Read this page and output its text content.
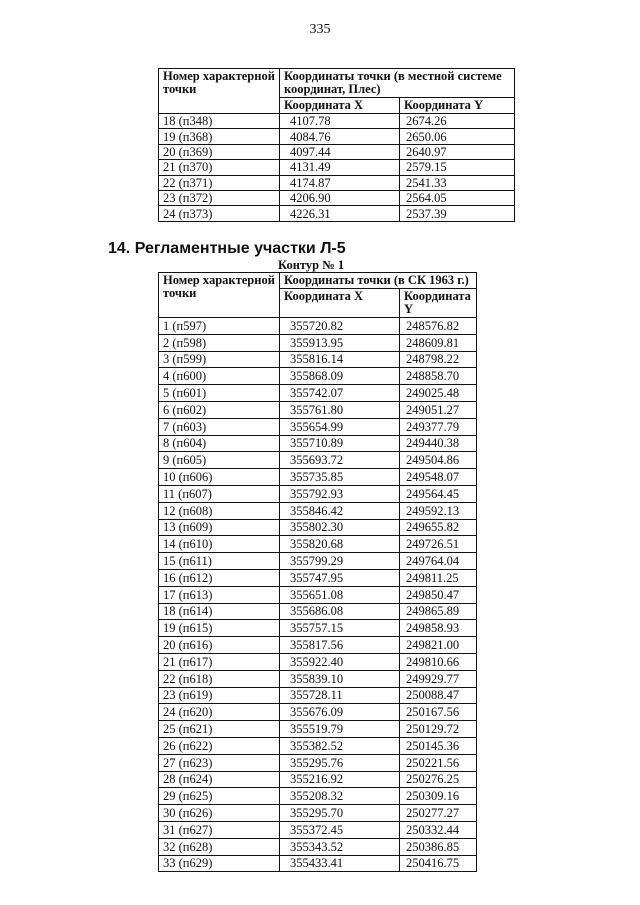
335
Номер характерной точки	Координаты точки (в местной системе координат, Плес)	
	Координата X	Координата Y
18 (п348)	4107.78	2674.26
19 (п368)	4084.76	2650.06
20 (п369)	4097.44	2640.97
21 (п370)	4131.49	2579.15
22 (п371)	4174.87	2541.33
23 (п372)	4206.90	2564.05
24 (п373)	4226.31	2537.39
14. Регламентные участки Л-5
Контур № 1
Номер характерной точки	Координаты точки (в СК 1963 г.)	
	Координата X	Координата Y
1 (п597)	355720.82	248576.82
2 (п598)	355913.95	248609.81
3 (п599)	355816.14	248798.22
4 (п600)	355868.09	248858.70
5 (п601)	355742.07	249025.48
6 (п602)	355761.80	249051.27
7 (п603)	355654.99	249377.79
8 (п604)	355710.89	249440.38
9 (п605)	355693.72	249504.86
10 (п606)	355735.85	249548.07
11 (п607)	355792.93	249564.45
12 (п608)	355846.42	249592.13
13 (п609)	355802.30	249655.82
14 (п610)	355820.68	249726.51
15 (п611)	355799.29	249764.04
16 (п612)	355747.95	249811.25
17 (п613)	355651.08	249850.47
18 (п614)	355686.08	249865.89
19 (п615)	355757.15	249858.93
20 (п616)	355817.56	249821.00
21 (п617)	355922.40	249810.66
22 (п618)	355839.10	249929.77
23 (п619)	355728.11	250088.47
24 (п620)	355676.09	250167.56
25 (п621)	355519.79	250129.72
26 (п622)	355382.52	250145.36
27 (п623)	355295.76	250221.56
28 (п624)	355216.92	250276.25
29 (п625)	355208.32	250309.16
30 (п626)	355295.70	250277.27
31 (п627)	355372.45	250332.44
32 (п628)	355343.52	250386.85
33 (п629)	355433.41	250416.75
